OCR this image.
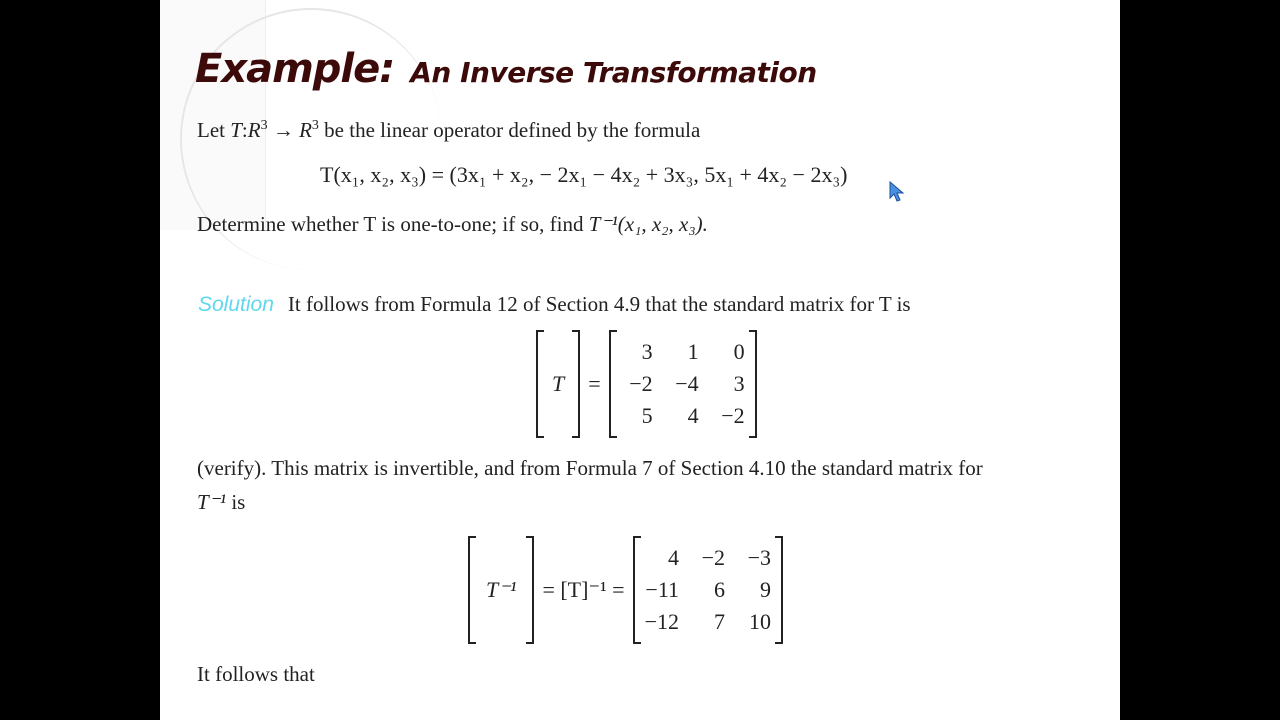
Example: An Inverse Transformation
Let $T:R^3 \to R^3$ be the linear operator defined by the formula
T(x₁, x₂, x₃) = (3x₁ + x₂, − 2x₁ − 4x₂ + 3x₃, 5x₁ + 4x₂ − 2x₃)
Determine whether T is one-to-one; if so, find T⁻¹(x₁, x₂, x₃).
Solution It follows from Formula 12 of Section 4.9 that the standard matrix for T is
T	=
3	1	0
−2	−4	3
5	4	−2
(verify). This matrix is invertible, and from Formula 7 of Section 4.10 the standard matrix for
T⁻¹ is
T⁻¹	= [T]⁻¹ =
4	−2	−3
−11	6	9
−12	7	10
It follows that
